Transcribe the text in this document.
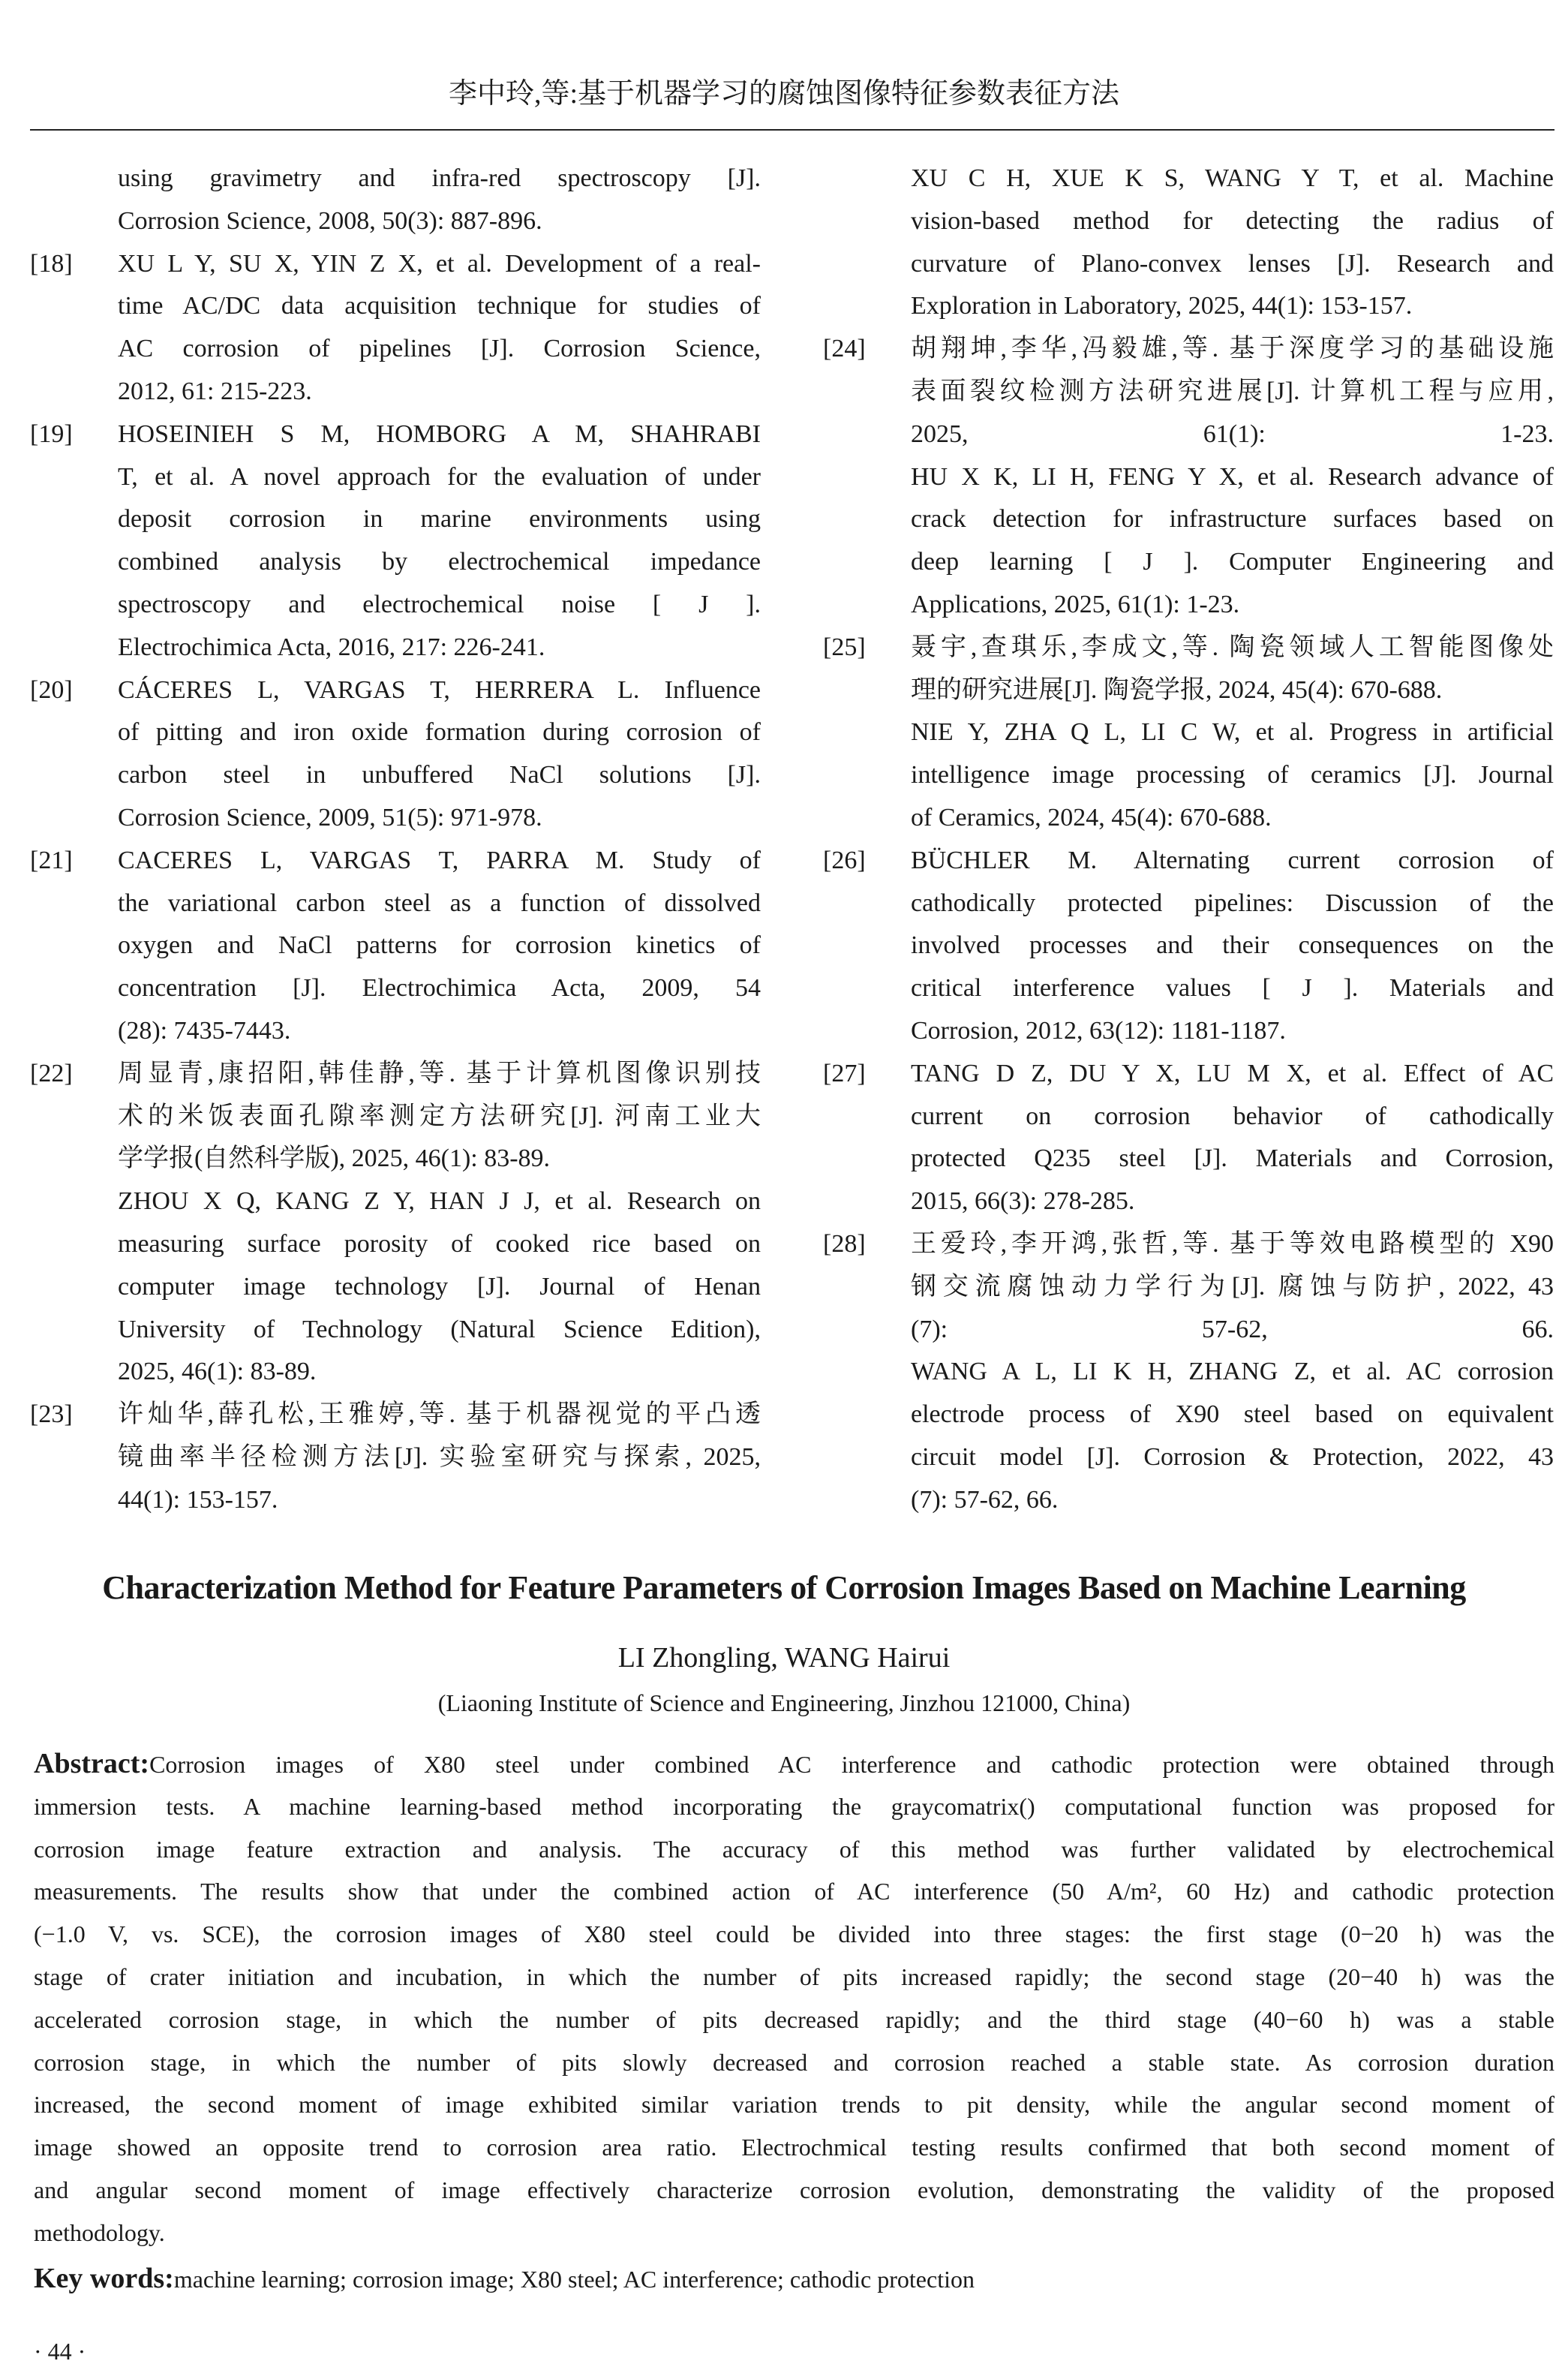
李中玲,等:基于机器学习的腐蚀图像特征参数表征方法
using gravimetry and infra-red spectroscopy [J].
Corrosion Science, 2008, 50(3): 887-896.
[18]	XU L Y, SU X, YIN Z X, et al. Development of a real-
time AC/DC data acquisition technique for studies of
AC corrosion of pipelines [J]. Corrosion Science,
2012, 61: 215-223.
[19]	HOSEINIEH S M, HOMBORG A M, SHAHRABI
T, et al. A novel approach for the evaluation of under
deposit corrosion in marine environments using
combined analysis by electrochemical impedance
spectroscopy and electrochemical noise [ J ].
Electrochimica Acta, 2016, 217: 226-241.
[20]	CÁCERES L, VARGAS T, HERRERA L. Influence
of pitting and iron oxide formation during corrosion of
carbon steel in unbuffered NaCl solutions [J].
Corrosion Science, 2009, 51(5): 971-978.
[21]	CACERES L, VARGAS T, PARRA M. Study of
the variational carbon steel as a function of dissolved
oxygen and NaCl patterns for corrosion kinetics of
concentration [J]. Electrochimica Acta, 2009, 54
(28): 7435-7443.
[22]	周显青,康招阳,韩佳静,等. 基于计算机图像识别技
术的米饭表面孔隙率测定方法研究[J]. 河南工业大
学学报(自然科学版), 2025, 46(1): 83-89.
ZHOU X Q, KANG Z Y, HAN J J, et al. Research on
measuring surface porosity of cooked rice based on
computer image technology [J]. Journal of Henan
University of Technology (Natural Science Edition),
2025, 46(1): 83-89.
[23]	许灿华,薛孔松,王雅婷,等. 基于机器视觉的平凸透
镜曲率半径检测方法[J]. 实验室研究与探索, 2025,
44(1): 153-157.
XU C H, XUE K S, WANG Y T, et al. Machine
vision-based method for detecting the radius of
curvature of Plano-convex lenses [J]. Research and
Exploration in Laboratory, 2025, 44(1): 153-157.
[24]	胡翔坤,李华,冯毅雄,等. 基于深度学习的基础设施
表面裂纹检测方法研究进展[J]. 计算机工程与应用,
2025, 61(1): 1-23.
HU X K, LI H, FENG Y X, et al. Research advance of
crack detection for infrastructure surfaces based on
deep learning [ J ]. Computer Engineering and
Applications, 2025, 61(1): 1-23.
[25]	聂宇,查琪乐,李成文,等. 陶瓷领域人工智能图像处
理的研究进展[J]. 陶瓷学报, 2024, 45(4): 670-688.
NIE Y, ZHA Q L, LI C W, et al. Progress in artificial
intelligence image processing of ceramics [J]. Journal
of Ceramics, 2024, 45(4): 670-688.
[26]	BÜCHLER M. Alternating current corrosion of
cathodically protected pipelines: Discussion of the
involved processes and their consequences on the
critical interference values [ J ]. Materials and
Corrosion, 2012, 63(12): 1181-1187.
[27]	TANG D Z, DU Y X, LU M X, et al. Effect of AC
current on corrosion behavior of cathodically
protected Q235 steel [J]. Materials and Corrosion,
2015, 66(3): 278-285.
[28]	王爱玲,李开鸿,张哲,等. 基于等效电路模型的 X90
钢交流腐蚀动力学行为[J]. 腐蚀与防护, 2022, 43
(7): 57-62, 66.
WANG A L, LI K H, ZHANG Z, et al. AC corrosion
electrode process of X90 steel based on equivalent
circuit model [J]. Corrosion & Protection, 2022, 43
(7): 57-62, 66.
Characterization Method for Feature Parameters of Corrosion Images Based on Machine Learning
LI Zhongling, WANG Hairui
(Liaoning Institute of Science and Engineering, Jinzhou 121000, China)
Abstract:Corrosion images of X80 steel under combined AC interference and cathodic protection were obtained through
immersion tests. A machine learning-based method incorporating the graycomatrix() computational function was proposed for
corrosion image feature extraction and analysis. The accuracy of this method was further validated by electrochemical
measurements. The results show that under the combined action of AC interference (50 A/m², 60 Hz) and cathodic protection
(−1.0 V, vs. SCE), the corrosion images of X80 steel could be divided into three stages: the first stage (0−20 h) was the
stage of crater initiation and incubation, in which the number of pits increased rapidly; the second stage (20−40 h) was the
accelerated corrosion stage, in which the number of pits decreased rapidly; and the third stage (40−60 h) was a stable
corrosion stage, in which the number of pits slowly decreased and corrosion reached a stable state. As corrosion duration
increased, the second moment of image exhibited similar variation trends to pit density, while the angular second moment of
image showed an opposite trend to corrosion area ratio. Electrochmical testing results confirmed that both second moment of
and angular second moment of image effectively characterize corrosion evolution, demonstrating the validity of the proposed
methodology.
Key words:machine learning; corrosion image; X80 steel; AC interference; cathodic protection
· 44 ·
